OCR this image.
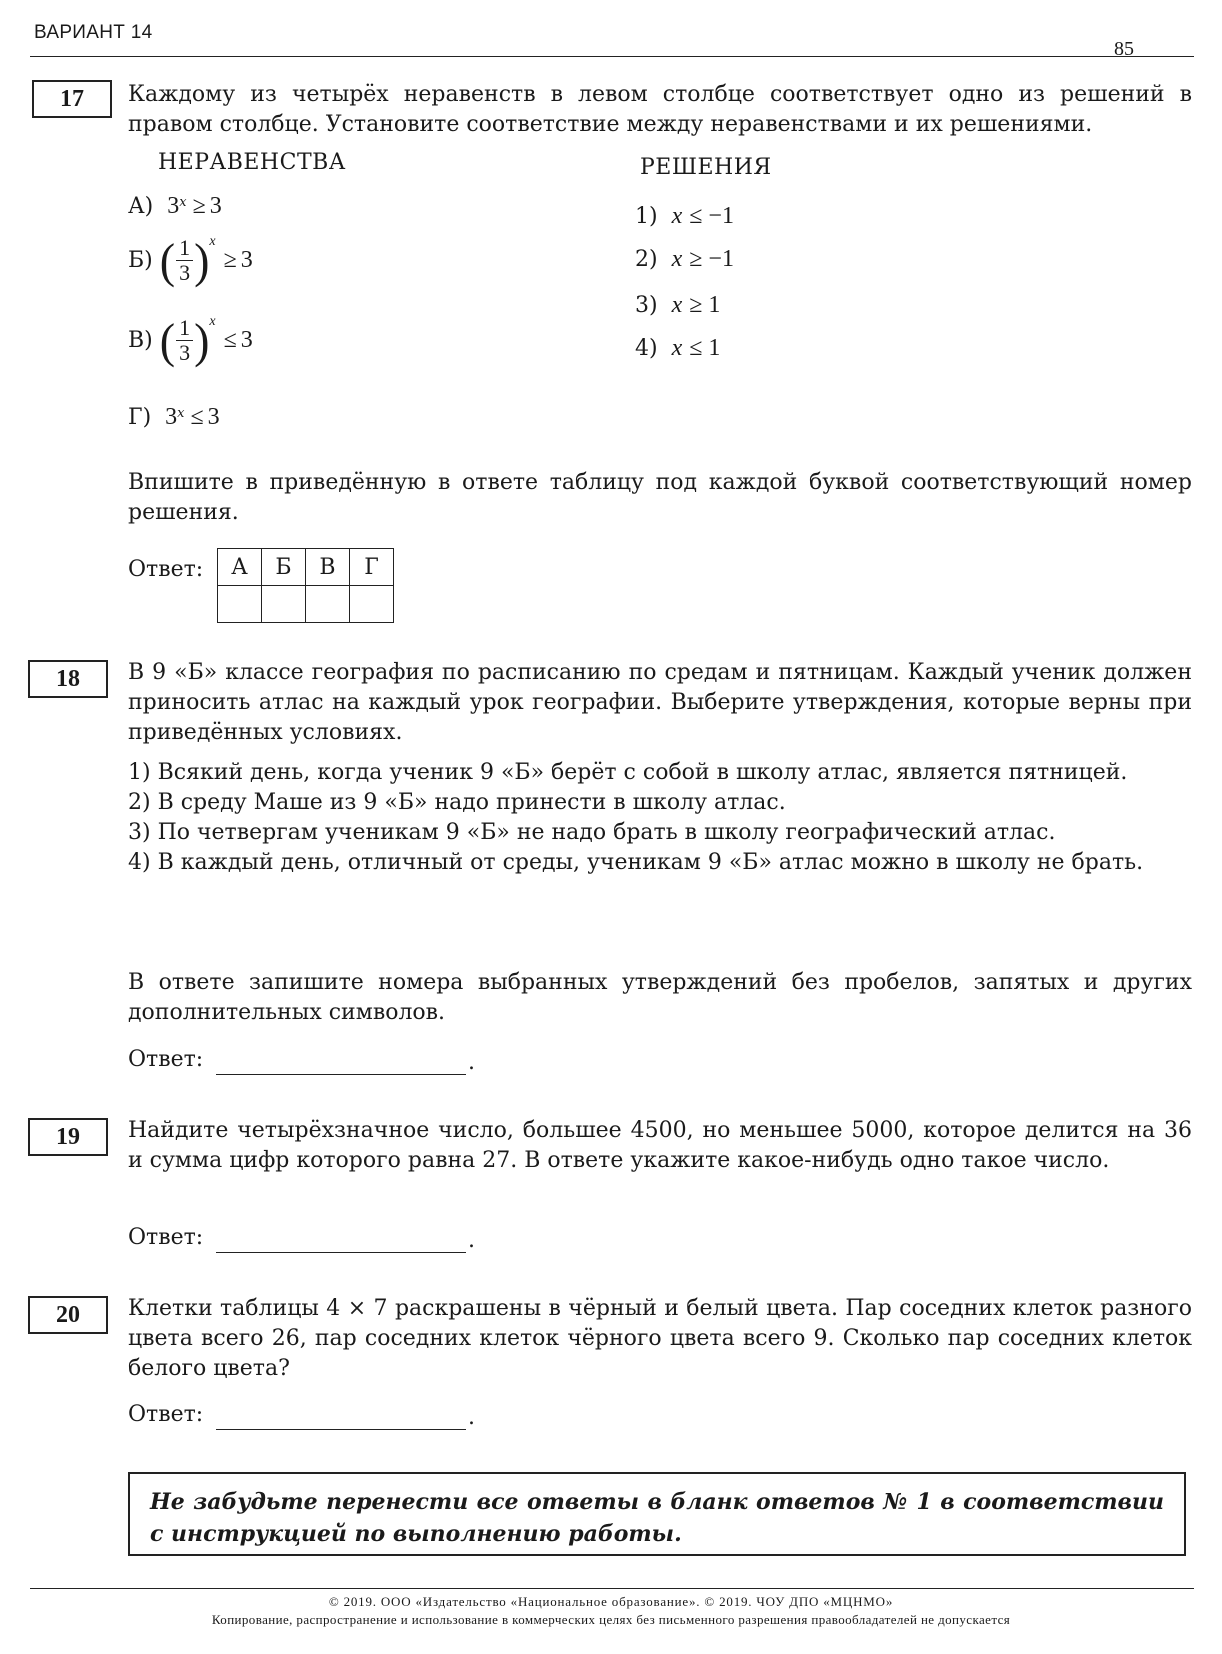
ВАРИАНТ 14
85
17	Каждому из четырёх неравенств в левом столбце соответствует одно из решений в правом столбце. Установите соответствие между неравенствами и их решениями.
НЕРАВЕНСТВА	РЕШЕНИЯ
А)
$3^x \ge 3$
Б)
( $\frac{1}{3}$ ) x
≥ 3
В)
( $\frac{1}{3}$ ) x
≤ 3
Г)
$3^x \le 3$
1)
x
≤ −1
2)
x
≥ −1
3)
x
≥ 1
4)
x
≤ 1
Впишите в приведённую в ответе таблицу под каждой буквой соответствующий номер решения.
Ответ: А	Б	В	Г

18	В 9 «Б» классе география по расписанию по средам и пятницам. Каждый ученик должен приносить атлас на каждый урок географии. Выберите утверждения, которые верны при приведённых условиях.
1) Всякий день, когда ученик 9 «Б» берёт с собой в школу атлас, является пятницей.
2) В среду Маше из 9 «Б» надо принести в школу атлас.
3) По четвергам ученикам 9 «Б» не надо брать в школу географический атлас.
4) В каждый день, отличный от среды, ученикам 9 «Б» атлас можно в школу не брать.
В ответе запишите номера выбранных утверждений без пробелов, запятых и других дополнительных символов.
Ответ:	.
19	Найдите четырёхзначное число, большее 4500, но меньшее 5000, которое делится на 36 и сумма цифр которого равна 27. В ответе укажите какое-нибудь одно такое число.
Ответ:	.
20	Клетки таблицы 4 × 7 раскрашены в чёрный и белый цвета. Пар соседних клеток разного цвета всего 26, пар соседних клеток чёрного цвета всего 9. Сколько пар соседних клеток белого цвета?
Ответ:	.
Не забудьте перенести все ответы в бланк ответов № 1 в соответствии с инструкцией по выполнению работы.
© 2019. ООО «Издательство «Национальное образование». © 2019. ЧОУ ДПО «МЦНМО»
Копирование, распространение и использование в коммерческих целях без письменного разрешения правообладателей не допускается
